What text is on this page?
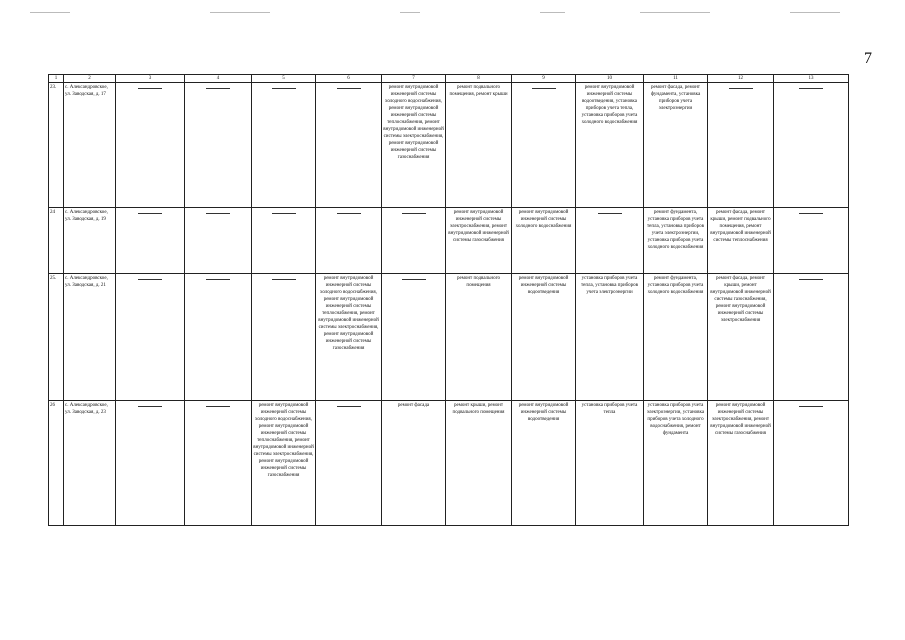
7
1	2	3	4	5	6	7	8	9	10	11	12	13
23.	с. Александровское, ул. Заводская, д. 17					ремонт внутридомовой инженерной системы холодного водоснабжения, ремонт внутридомовой инженерной системы теплоснабжения, ремонт внутридомовой инженерной системы электроснабжения, ремонт внутридомовой инженерной системы газоснабжения	ремонт подвального помещения, ремонт крыши		ремонт внутридомовой инженерной системы водоотведения, установка приборов учета тепла, установка приборов учета холодного водоснабжения	ремонт фасада, ремонт фундамента, установка приборов учета электроэнергии	

24	с. Александровское, ул. Заводская, д. 19						ремонт внутридомовой инженерной системы электроснабжения, ремонт внутридомовой инженерной системы газоснабжения	ремонт внутридомовой инженерной системы холодного водоснабжения		ремонт фундамента, установка приборов учета тепла, установка приборов учета электроэнергии, установка приборов учета холодного водоснабжения	ремонт фасада, ремонт крыши, ремонт подвального помещения, ремонт внутридомовой инженерной системы теплоснабжения	

25.	с. Александровское, ул. Заводская, д. 21				ремонт внутридомовой инженерной системы холодного водоснабжения, ремонт внутридомовой инженерной системы теплоснабжения, ремонт внутридомовой инженерной системы электроснабжения, ремонт внутридомовой инженерной системы газоснабжения		ремонт подвального помещения	ремонт внутридомовой инженерной системы водоотведения	установка приборов учета тепла, установка приборов учета электроэнергии	ремонт фундамента, установка приборов учета холодного водоснабжения	ремонт фасада, ремонт крыши, ремонт внутридомовой инженерной системы газоснабжения, ремонт внутридомовой инженерной системы электроснабжения	

26	с. Александровское, ул. Заводская, д. 23			ремонт внутридомовой инженерной системы холодного водоснабжения, ремонт внутридомовой инженерной системы теплоснабжения, ремонт внутридомовой инженерной системы электроснабжения, ремонт внутридомовой инженерной системы газоснабжения		ремонт фасада	ремонт крыши, ремонт подвального помещения	ремонт внутридомовой инженерной системы водоотведения	установка приборов учета тепла	установка приборов учета электроэнергии, установка приборов учета холодного водоснабжения, ремонт фундамента	ремонт внутридомовой инженерной системы электроснабжения, ремонт внутридомовой инженерной системы газоснабжения	
